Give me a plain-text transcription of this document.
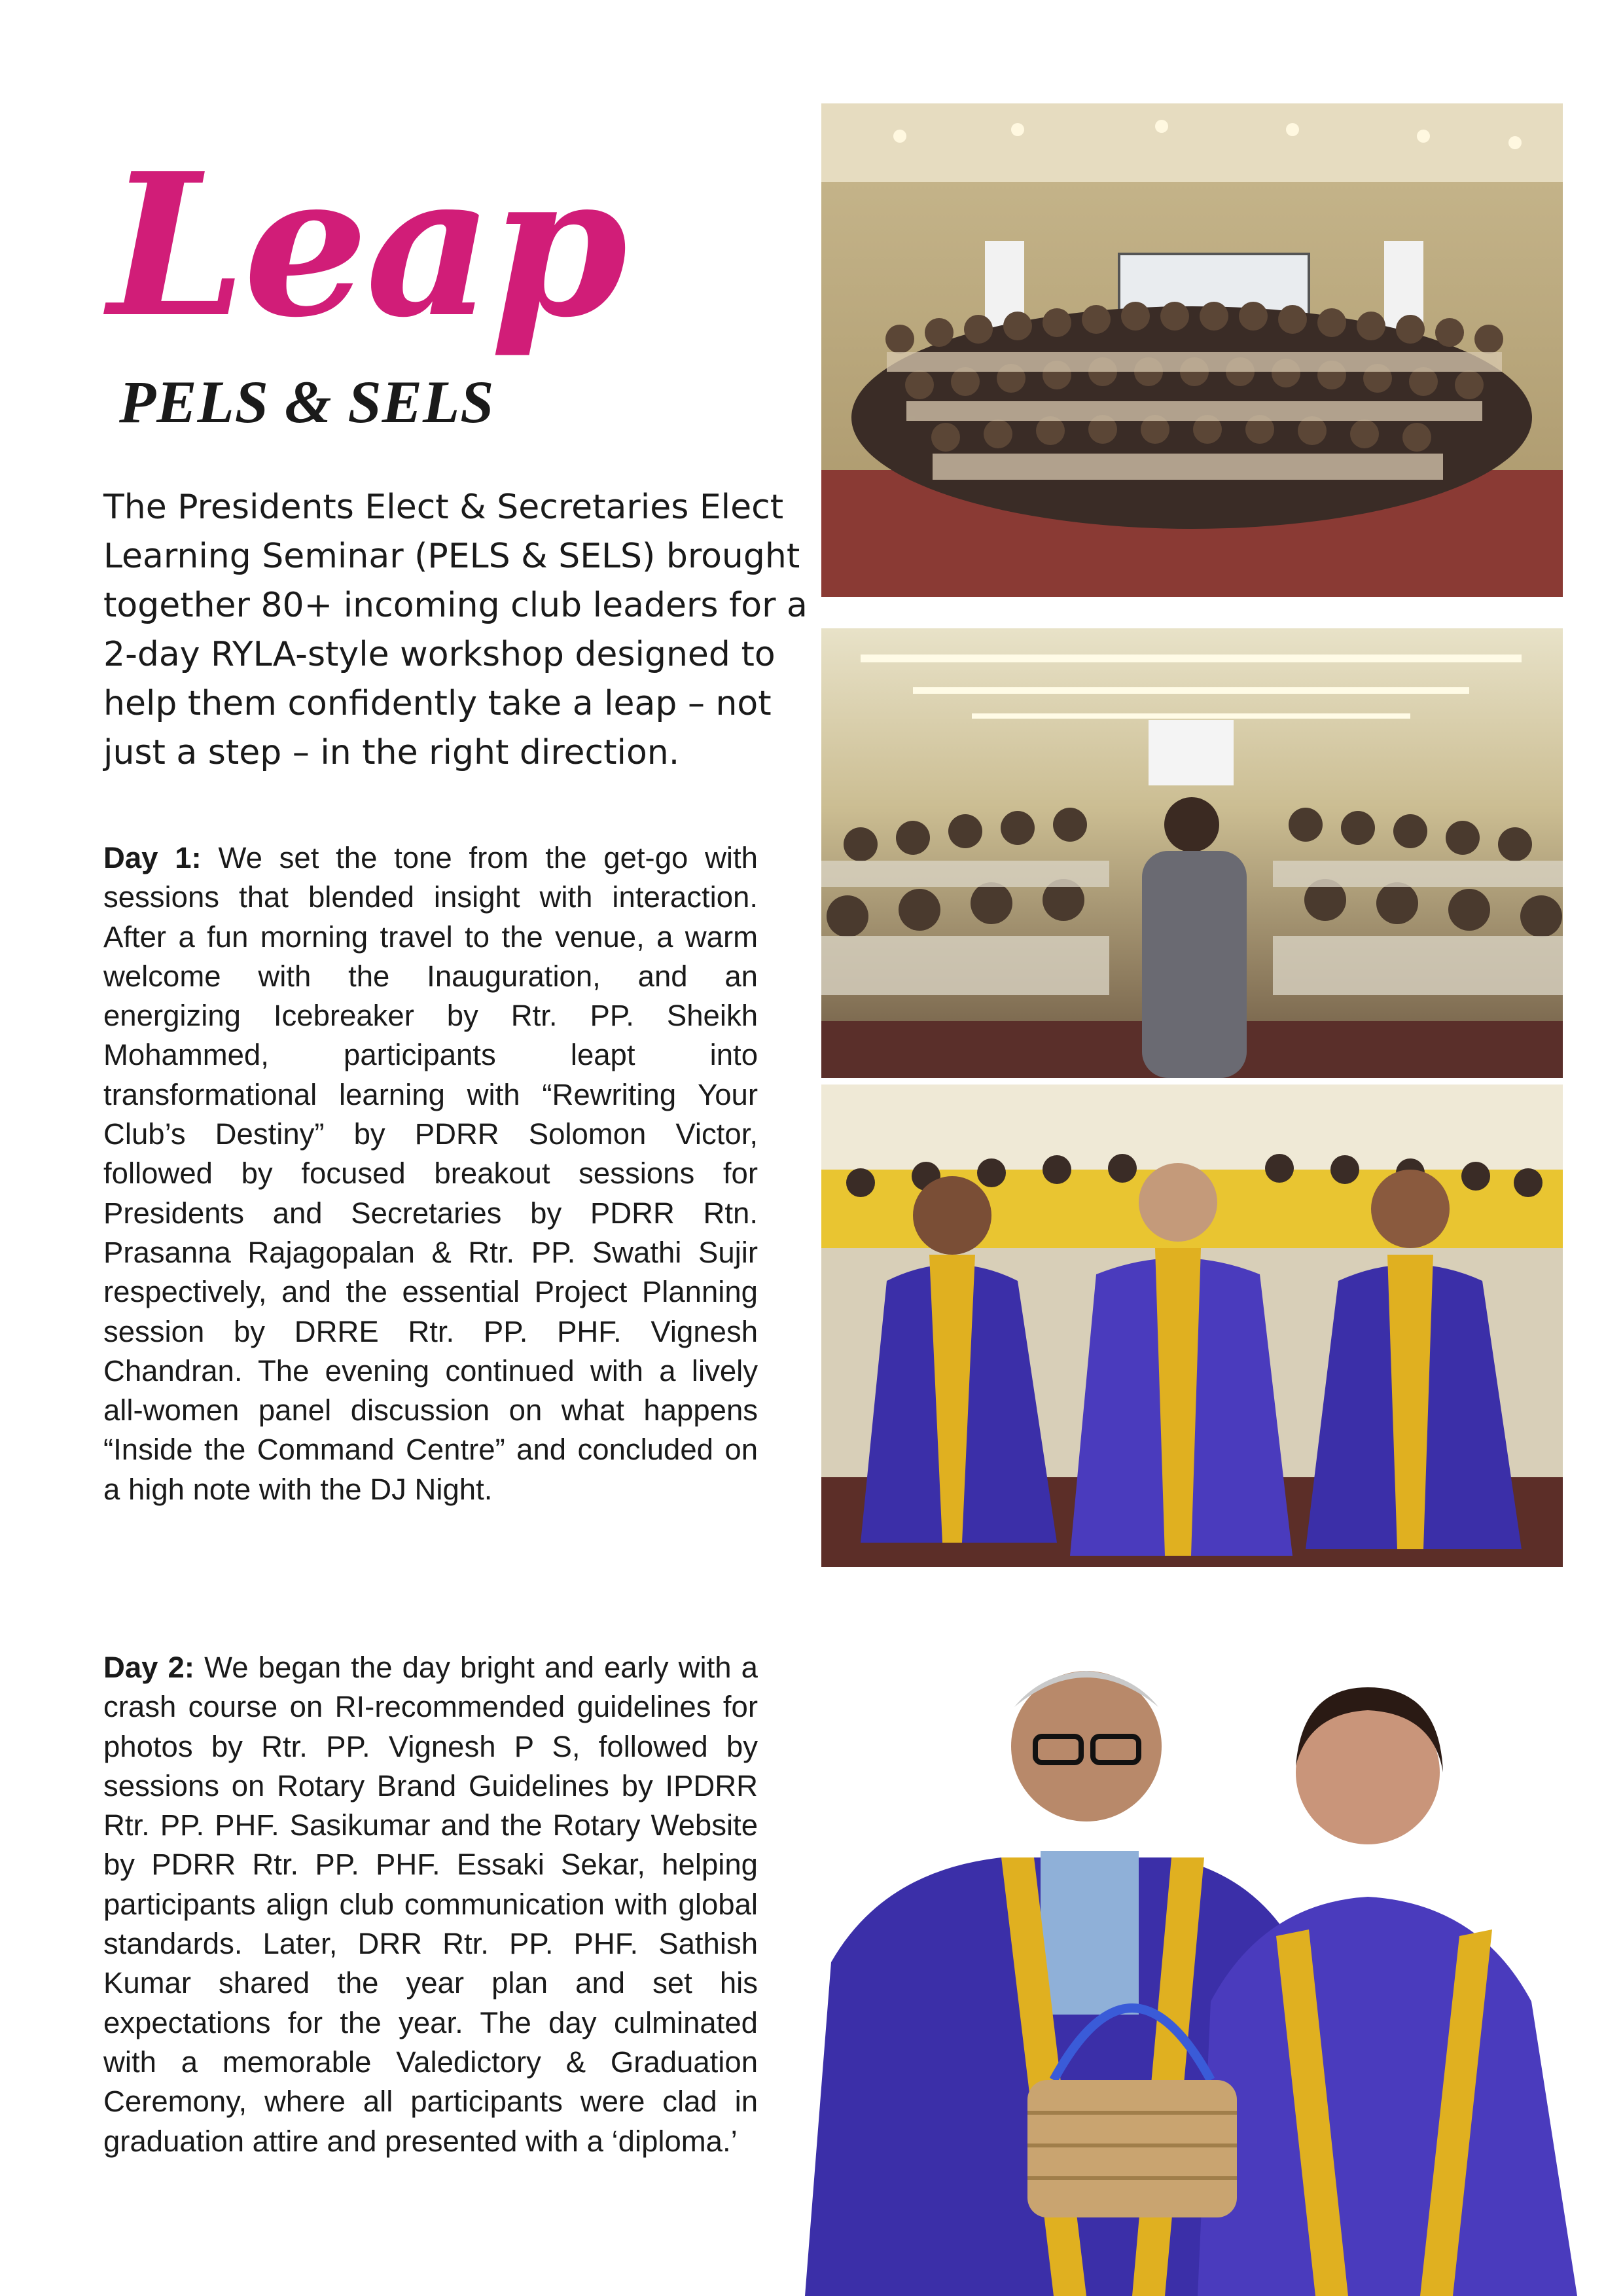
Leap
PELS & SELS

The Presidents Elect & Secretaries Elect Learning Seminar (PELS & SELS) brought together 80+ incoming club leaders for a 2-day RYLA-style workshop designed to help them confidently take a leap – not just a step – in the right direction.

Day 1: We set the tone from the get-go with sessions that blended insight with interaction. After a fun morning travel to the venue, a warm welcome with the Inauguration, and an energizing Icebreaker by Rtr. PP. Sheikh Mohammed, participants leapt into transformational learning with “Rewriting Your Club’s Destiny” by PDRR Solomon Victor, followed by focused breakout sessions for Presidents and Secretaries by PDRR Rtn. Prasanna Rajagopalan & Rtr. PP. Swathi Sujir respectively, and the essential Project Planning session by DRRE Rtr. PP. PHF. Vignesh Chandran. The evening continued with a lively all-women panel discussion on what happens “Inside the Command Centre” and concluded on a high note with the DJ Night.

Day 2: We began the day bright and early with a crash course on RI-recommended guidelines for photos by Rtr. PP. Vignesh P S, followed by sessions on Rotary Brand Guidelines by IPDRR Rtr. PP. PHF. Sasikumar and the Rotary Website by PDRR Rtr. PP. PHF. Essaki Sekar, helping participants align club communication with global standards. Later, DRR Rtr. PP. PHF. Sathish Kumar shared the year plan and set his expectations for the year. The day culminated with a memorable Valedictory & Graduation Ceremony, where all participants were clad in graduation attire and presented with a ‘diploma.’
